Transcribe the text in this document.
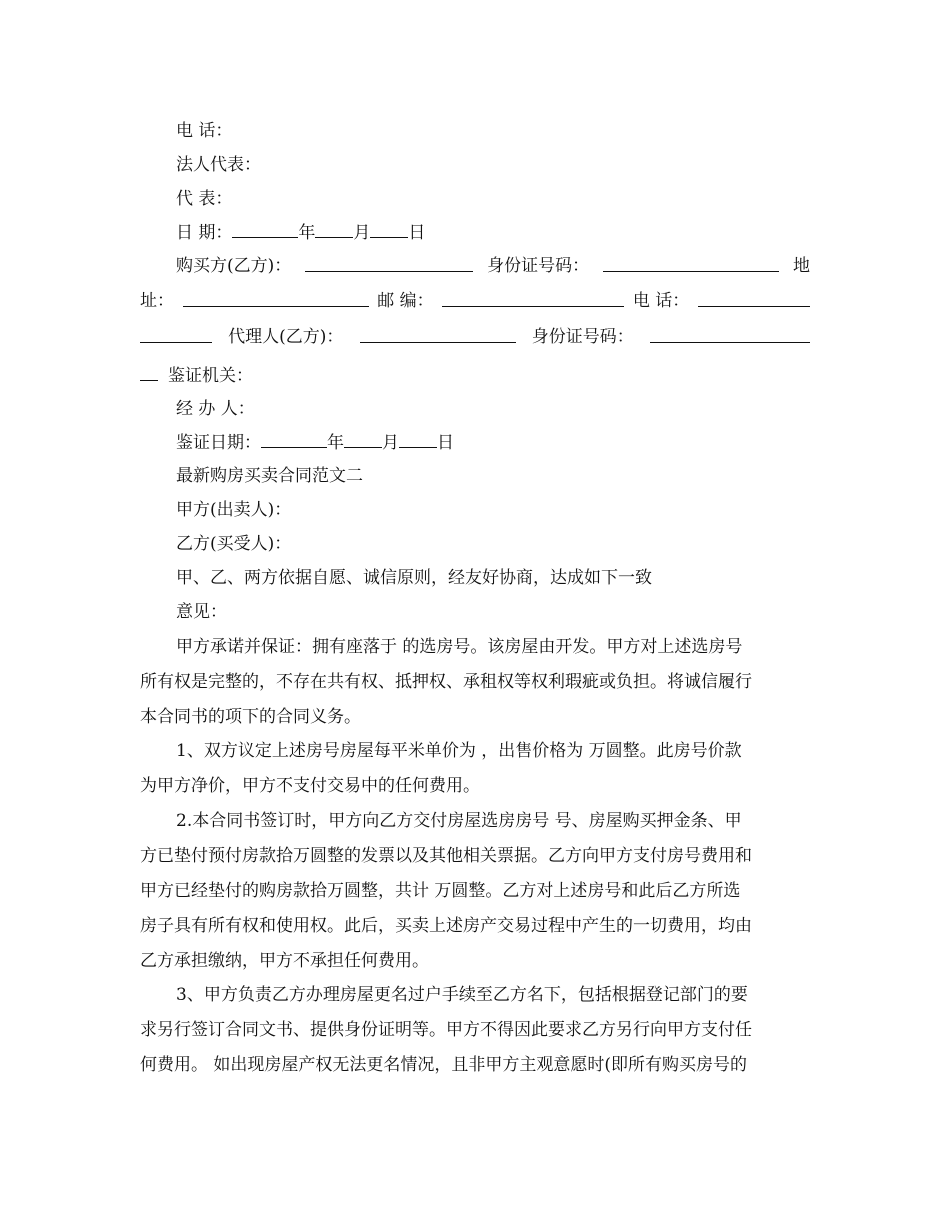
电 话：
法人代表：
代 表：
日 期：	年 月 日
购买方(乙方)：	身份证号码：	地
址：	邮 编：	电 话：
代理人(乙方)：	身份证号码：
鉴证机关：
经 办 人：
鉴证日期：	年 月 日
最新购房买卖合同范文二
甲方(出卖人)：
乙方(买受人)：
甲、乙、两方依据自愿、诚信原则，经友好协商，达成如下一致
意见：
甲方承诺并保证：拥有座落于 的选房号。该房屋由开发。甲方对上述选房号
所有权是完整的，不存在共有权、抵押权、承租权等权利瑕疵或负担。将诚信履行
本合同书的项下的合同义务。
1、双方议定上述房号房屋每平米单价为 ，出售价格为 万圆整。此房号价款
为甲方净价，甲方不支付交易中的任何费用。
2.本合同书签订时，甲方向乙方交付房屋选房房号 号、房屋购买押金条、甲
方已垫付预付房款拾万圆整的发票以及其他相关票据。乙方向甲方支付房号费用和
甲方已经垫付的购房款拾万圆整，共计 万圆整。乙方对上述房号和此后乙方所选
房子具有所有权和使用权。此后，买卖上述房产交易过程中产生的一切费用，均由
乙方承担缴纳，甲方不承担任何费用。
3、甲方负责乙方办理房屋更名过户手续至乙方名下，包括根据登记部门的要
求另行签订合同文书、提供身份证明等。甲方不得因此要求乙方另行向甲方支付任
何费用。 如出现房屋产权无法更名情况，且非甲方主观意愿时(即所有购买房号的
